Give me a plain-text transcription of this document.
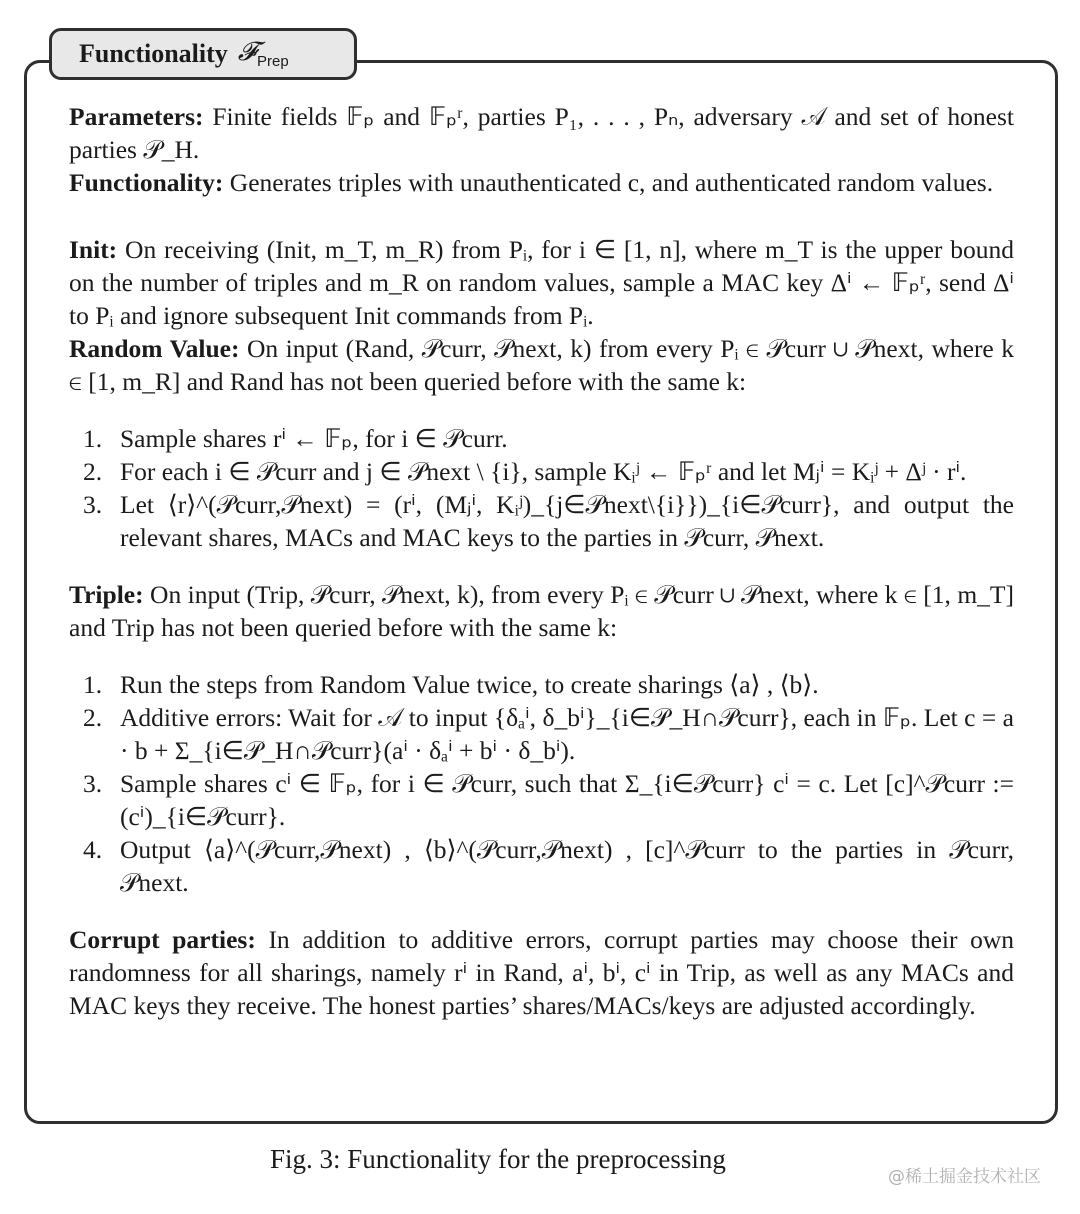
Functionality 𝓕$_{Prep}$

Parameters: Finite fields 𝔽ₚ and 𝔽ₚʳ, parties P₁, . . . , Pₙ, adversary 𝒜 and set of honest parties 𝒫_H.

Functionality: Generates triples with unauthenticated c, and authenticated random values.

Init: On receiving (Init, m_T, m_R) from Pᵢ, for i ∈ [1, n], where m_T is the upper bound on the number of triples and m_R on random values, sample a MAC key Δⁱ ← 𝔽ₚʳ, send Δⁱ to Pᵢ and ignore subsequent Init commands from Pᵢ.

Random Value: On input (Rand, 𝒫curr, 𝒫next, k) from every Pᵢ ∈ 𝒫curr ∪ 𝒫next, where k ∈ [1, m_R] and Rand has not been queried before with the same k:

1. Sample shares rⁱ ← 𝔽ₚ, for i ∈ 𝒫curr.
2. For each i ∈ 𝒫curr and j ∈ 𝒫next \ {i}, sample Kᵢʲ ← 𝔽ₚʳ and let Mⱼⁱ = Kᵢʲ + Δʲ · rⁱ.
3. Let ⟨r⟩^(𝒫curr,𝒫next) = (rⁱ, (Mⱼⁱ, Kᵢʲ)_{j∈𝒫next\{i}})_{i∈𝒫curr}, and output the relevant shares, MACs and MAC keys to the parties in 𝒫curr, 𝒫next.

Triple: On input (Trip, 𝒫curr, 𝒫next, k), from every Pᵢ ∈ 𝒫curr ∪ 𝒫next, where k ∈ [1, m_T] and Trip has not been queried before with the same k:

1. Run the steps from Random Value twice, to create sharings ⟨a⟩ , ⟨b⟩.
2. Additive errors: Wait for 𝒜 to input {δₐⁱ, δ_bⁱ}_{i∈𝒫_H∩𝒫curr}, each in 𝔽ₚ. Let c = a · b + Σ_{i∈𝒫_H∩𝒫curr}(aⁱ · δₐⁱ + bⁱ · δ_bⁱ).
3. Sample shares cⁱ ∈ 𝔽ₚ, for i ∈ 𝒫curr, such that Σ_{i∈𝒫curr} cⁱ = c. Let [c]^𝒫curr := (cⁱ)_{i∈𝒫curr}.
4. Output ⟨a⟩^(𝒫curr,𝒫next) , ⟨b⟩^(𝒫curr,𝒫next) , [c]^𝒫curr to the parties in 𝒫curr, 𝒫next.

Corrupt parties: In addition to additive errors, corrupt parties may choose their own randomness for all sharings, namely rⁱ in Rand, aⁱ, bⁱ, cⁱ in Trip, as well as any MACs and MAC keys they receive. The honest parties’ shares/MACs/keys are adjusted accordingly.

Fig. 3: Functionality for the preprocessing
@稀土掘金技术社区
